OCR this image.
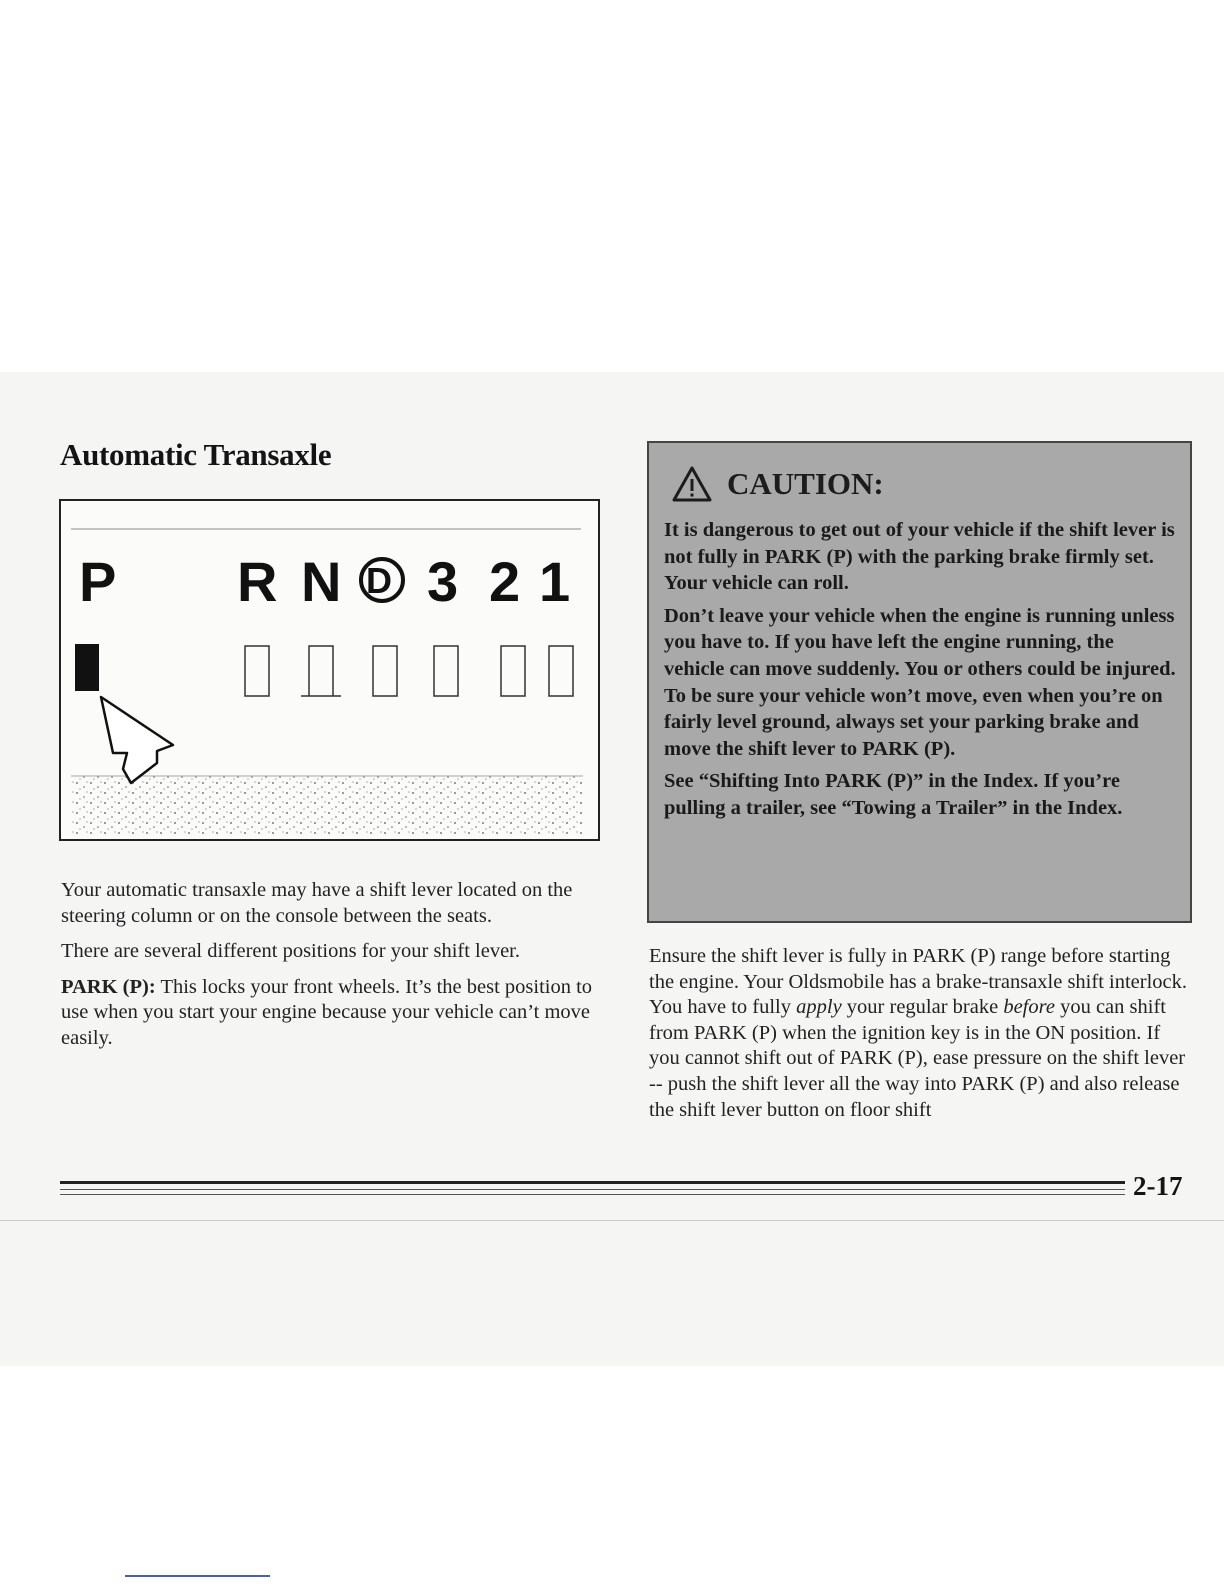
Automatic Transaxle
P R N D 3 2 1

Your automatic transaxle may have a shift lever located on the steering column or on the console between the seats.

There are several different positions for your shift lever.

PARK (P): This locks your front wheels. It’s the best position to use when you start your engine because your vehicle can’t move easily.

CAUTION:

It is dangerous to get out of your vehicle if the shift lever is not fully in PARK (P) with the parking brake firmly set. Your vehicle can roll.

Don’t leave your vehicle when the engine is running unless you have to. If you have left the engine running, the vehicle can move suddenly. You or others could be injured. To be sure your vehicle won’t move, even when you’re on fairly level ground, always set your parking brake and move the shift lever to PARK (P).

See “Shifting Into PARK (P)” in the Index. If you’re pulling a trailer, see “Towing a Trailer” in the Index.

Ensure the shift lever is fully in PARK (P) range before starting the engine. Your Oldsmobile has a brake-transaxle shift interlock. You have to fully apply your regular brake before you can shift from PARK (P) when the ignition key is in the ON position. If you cannot shift out of PARK (P), ease pressure on the shift lever -- push the shift lever all the way into PARK (P) and also release the shift lever button on floor shift

2-17
